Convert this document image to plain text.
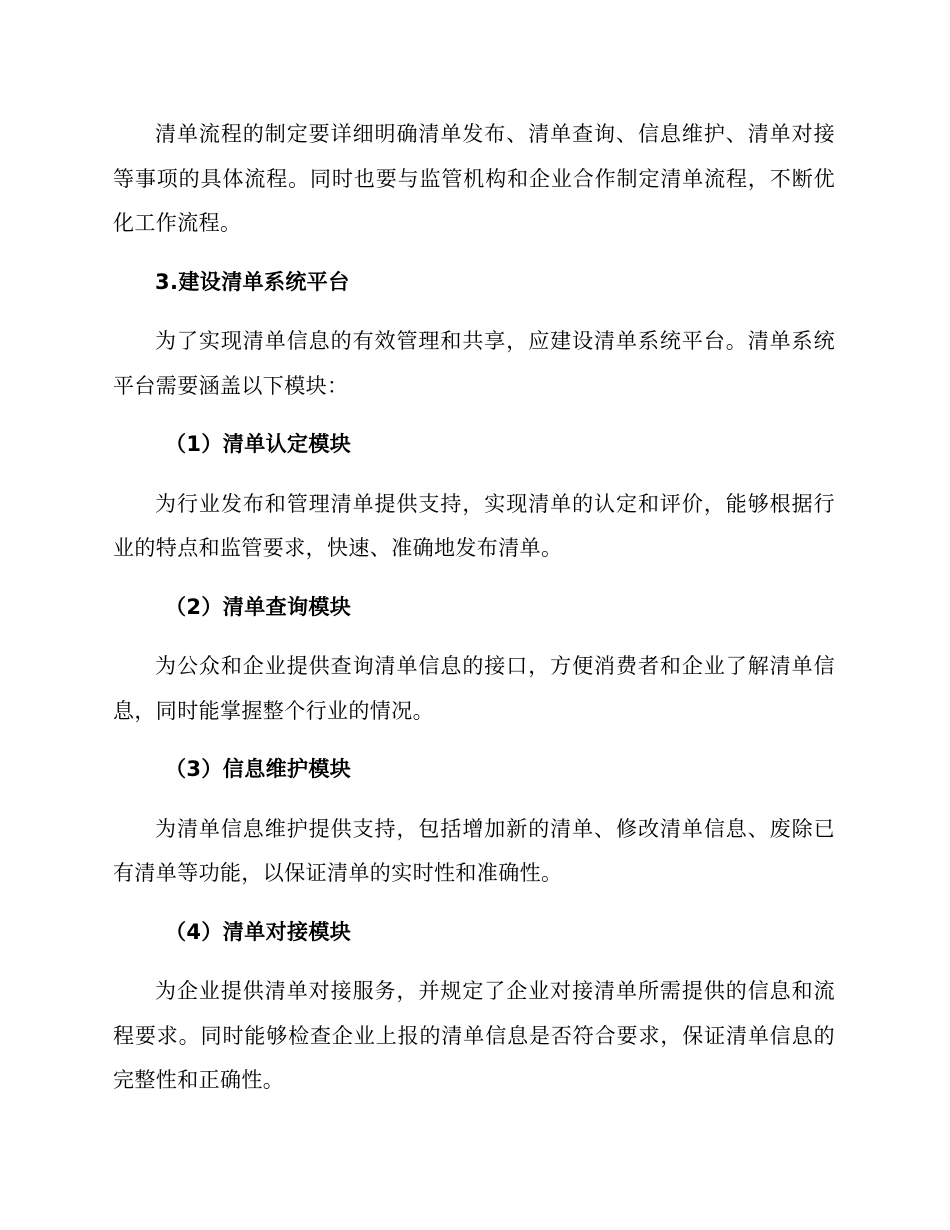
清单流程的制定要详细明确清单发布、清单查询、信息维护、清单对接等事项的具体流程。同时也要与监管机构和企业合作制定清单流程，不断优化工作流程。

3.建设清单系统平台

为了实现清单信息的有效管理和共享，应建设清单系统平台。清单系统平台需要涵盖以下模块：

（1）清单认定模块

为行业发布和管理清单提供支持，实现清单的认定和评价，能够根据行业的特点和监管要求，快速、准确地发布清单。

（2）清单查询模块

为公众和企业提供查询清单信息的接口，方便消费者和企业了解清单信息，同时能掌握整个行业的情况。

（3）信息维护模块

为清单信息维护提供支持，包括增加新的清单、修改清单信息、废除已有清单等功能，以保证清单的实时性和准确性。

（4）清单对接模块

为企业提供清单对接服务，并规定了企业对接清单所需提供的信息和流程要求。同时能够检查企业上报的清单信息是否符合要求，保证清单信息的完整性和正确性。
